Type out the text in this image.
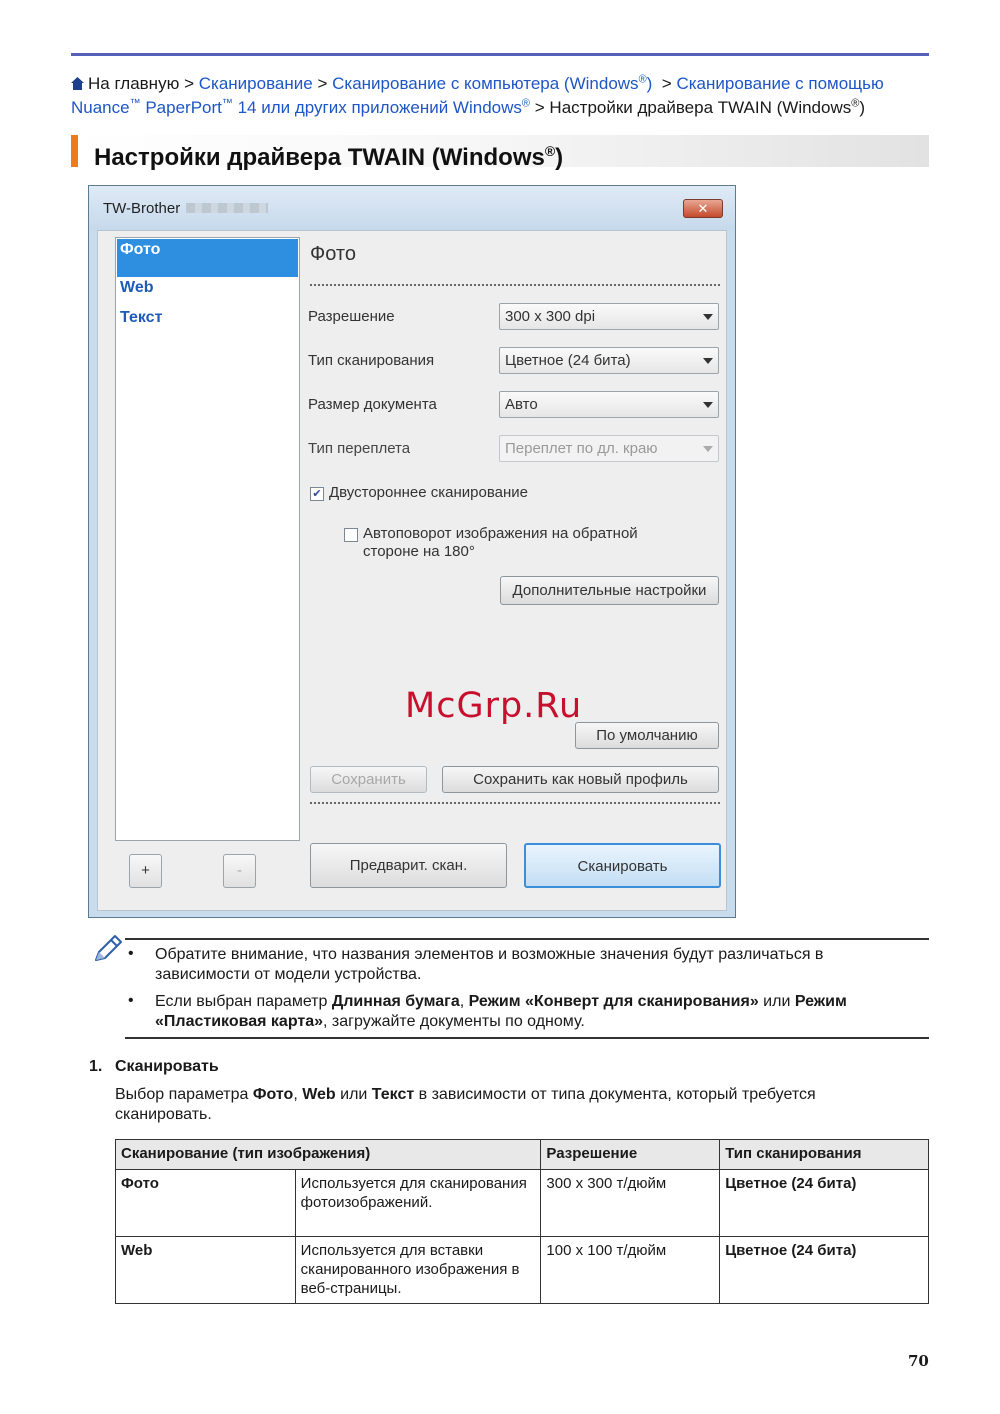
На главную > Сканирование > Сканирование с компьютера (Windows®) > Сканирование с помощью Nuance™ PaperPort™ 14 или других приложений Windows® > Настройки драйвера TWAIN (Windows®)
Настройки драйвера TWAIN (Windows®)
TW-Brother	✕
Фото
Web
Текст
+	-
Фото
Разрешение	300 x 300 dpi
Тип сканирования	Цветное (24 бита)
Размер документа	Авто
Тип переплета	Переплет по дл. краю
✔ Двустороннее сканирование
Автоповорот изображения на обратной
стороне на 180°
Дополнительные настройки
По умолчанию
Сохранить	Сохранить как новый профиль
Предварит. скан.	Сканировать
McGrp.Ru
• Обратите внимание, что названия элементов и возможные значения будут различаться в зависимости от модели устройства.
• Если выбран параметр Длинная бумага, Режим «Конверт для сканирования» или Режим «Пластиковая карта», загружайте документы по одному.
1. Сканировать
Выбор параметра Фото, Web или Текст в зависимости от типа документа, который требуется сканировать.
Сканирование (тип изображения)		Разрешение	Тип сканирования
Фото	Используется для сканирования фотоизображений.	300 x 300 т/дюйм	Цветное (24 бита)
Web	Используется для вставки сканированного изображения в веб-страницы.	100 x 100 т/дюйм	Цветное (24 бита)
70
